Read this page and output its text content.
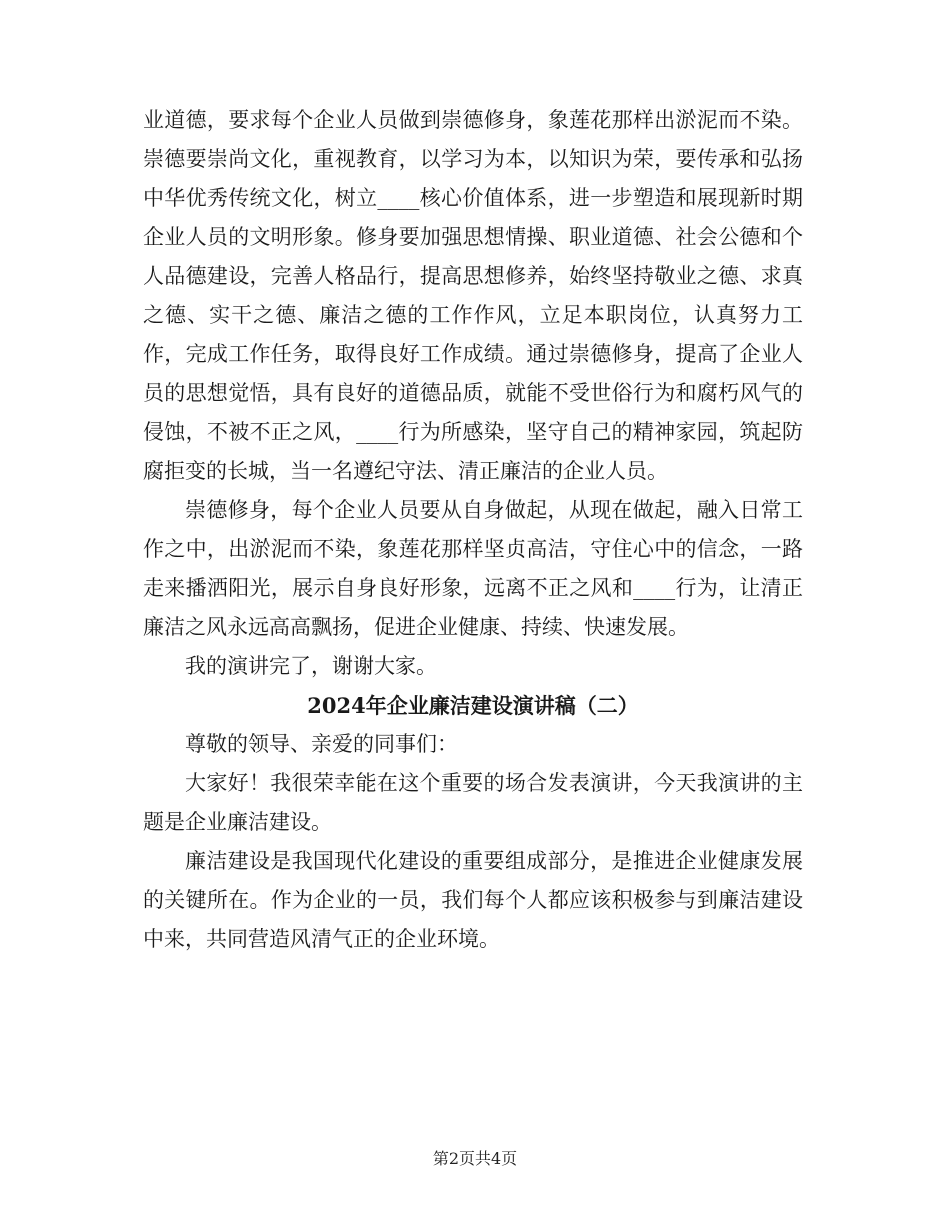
业道德，要求每个企业人员做到崇德修身，象莲花那样出淤泥而不染。崇德要崇尚文化，重视教育，以学习为本，以知识为荣，要传承和弘扬中华优秀传统文化，树立____核心价值体系，进一步塑造和展现新时期企业人员的文明形象。修身要加强思想情操、职业道德、社会公德和个人品德建设，完善人格品行，提高思想修养，始终坚持敬业之德、求真之德、实干之德、廉洁之德的工作作风，立足本职岗位，认真努力工作，完成工作任务，取得良好工作成绩。通过崇德修身，提高了企业人员的思想觉悟，具有良好的道德品质，就能不受世俗行为和腐朽风气的侵蚀，不被不正之风，____行为所感染，坚守自己的精神家园，筑起防腐拒变的长城，当一名遵纪守法、清正廉洁的企业人员。

崇德修身，每个企业人员要从自身做起，从现在做起，融入日常工作之中，出淤泥而不染，象莲花那样坚贞高洁，守住心中的信念，一路走来播洒阳光，展示自身良好形象，远离不正之风和____行为，让清正廉洁之风永远高高飘扬，促进企业健康、持续、快速发展。

我的演讲完了，谢谢大家。

2024年企业廉洁建设演讲稿（二）

尊敬的领导、亲爱的同事们：

大家好！我很荣幸能在这个重要的场合发表演讲，今天我演讲的主题是企业廉洁建设。

廉洁建设是我国现代化建设的重要组成部分，是推进企业健康发展的关键所在。作为企业的一员，我们每个人都应该积极参与到廉洁建设中来，共同营造风清气正的企业环境。

第2页共4页
